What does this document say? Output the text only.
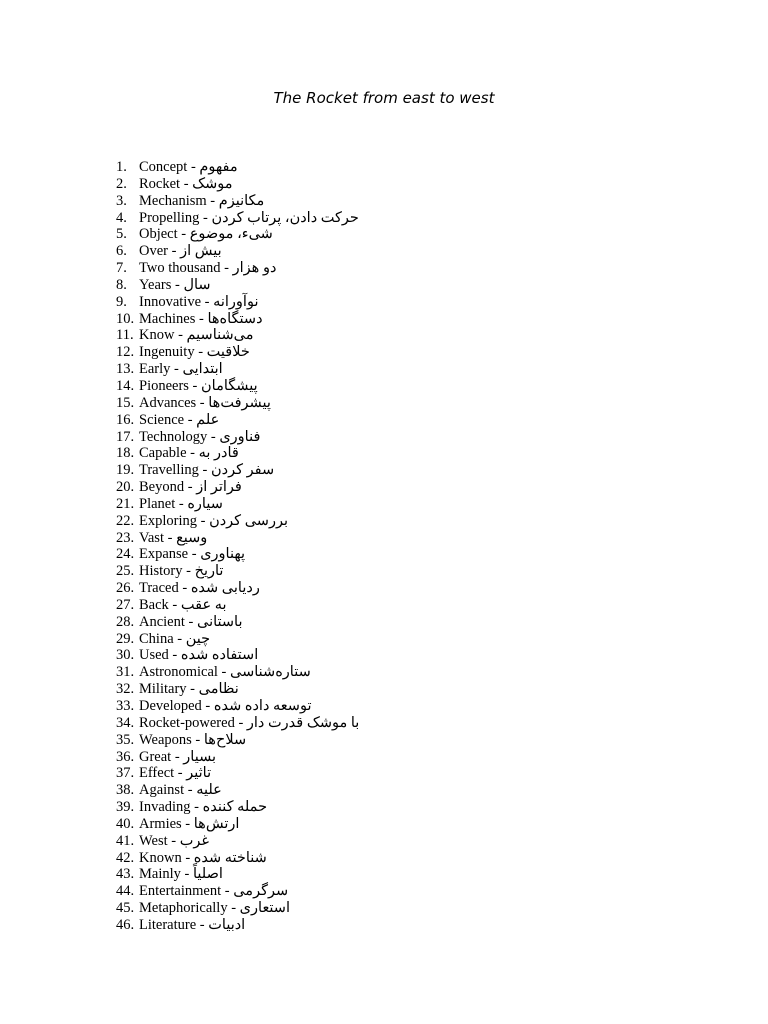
The Rocket from east to west
1. Concept - مفهوم
2. Rocket - موشک
3. Mechanism - مکانیزم
4. Propelling - حرکت دادن، پرتاب کردن
5. Object - شیء، موضوع
6. Over - بیش از
7. Two thousand - دو هزار
8. Years - سال
9. Innovative - نوآورانه
10. Machines - دستگاه‌ها
11. Know - می‌شناسیم
12. Ingenuity - خلاقیت
13. Early - ابتدایی
14. Pioneers - پیشگامان
15. Advances - پیشرفت‌ها
16. Science - علم
17. Technology - فناوری
18. Capable - قادر به
19. Travelling - سفر کردن
20. Beyond - فراتر از
21. Planet - سیاره
22. Exploring - بررسی کردن
23. Vast - وسیع
24. Expanse - پهناوری
25. History - تاریخ
26. Traced - ردیابی شده
27. Back - به عقب
28. Ancient - باستانی
29. China - چین
30. Used - استفاده شده
31. Astronomical - ستاره‌شناسی
32. Military - نظامی
33. Developed - توسعه داده شده
34. Rocket-powered - با موشک قدرت دار
35. Weapons - سلاح‌ها
36. Great - بسیار
37. Effect - تاثیر
38. Against - علیه
39. Invading - حمله کننده
40. Armies - ارتش‌ها
41. West - غرب
42. Known - شناخته شده
43. Mainly - اصلیاً
44. Entertainment - سرگرمی
45. Metaphorically - استعاری
46. Literature - ادبیات
